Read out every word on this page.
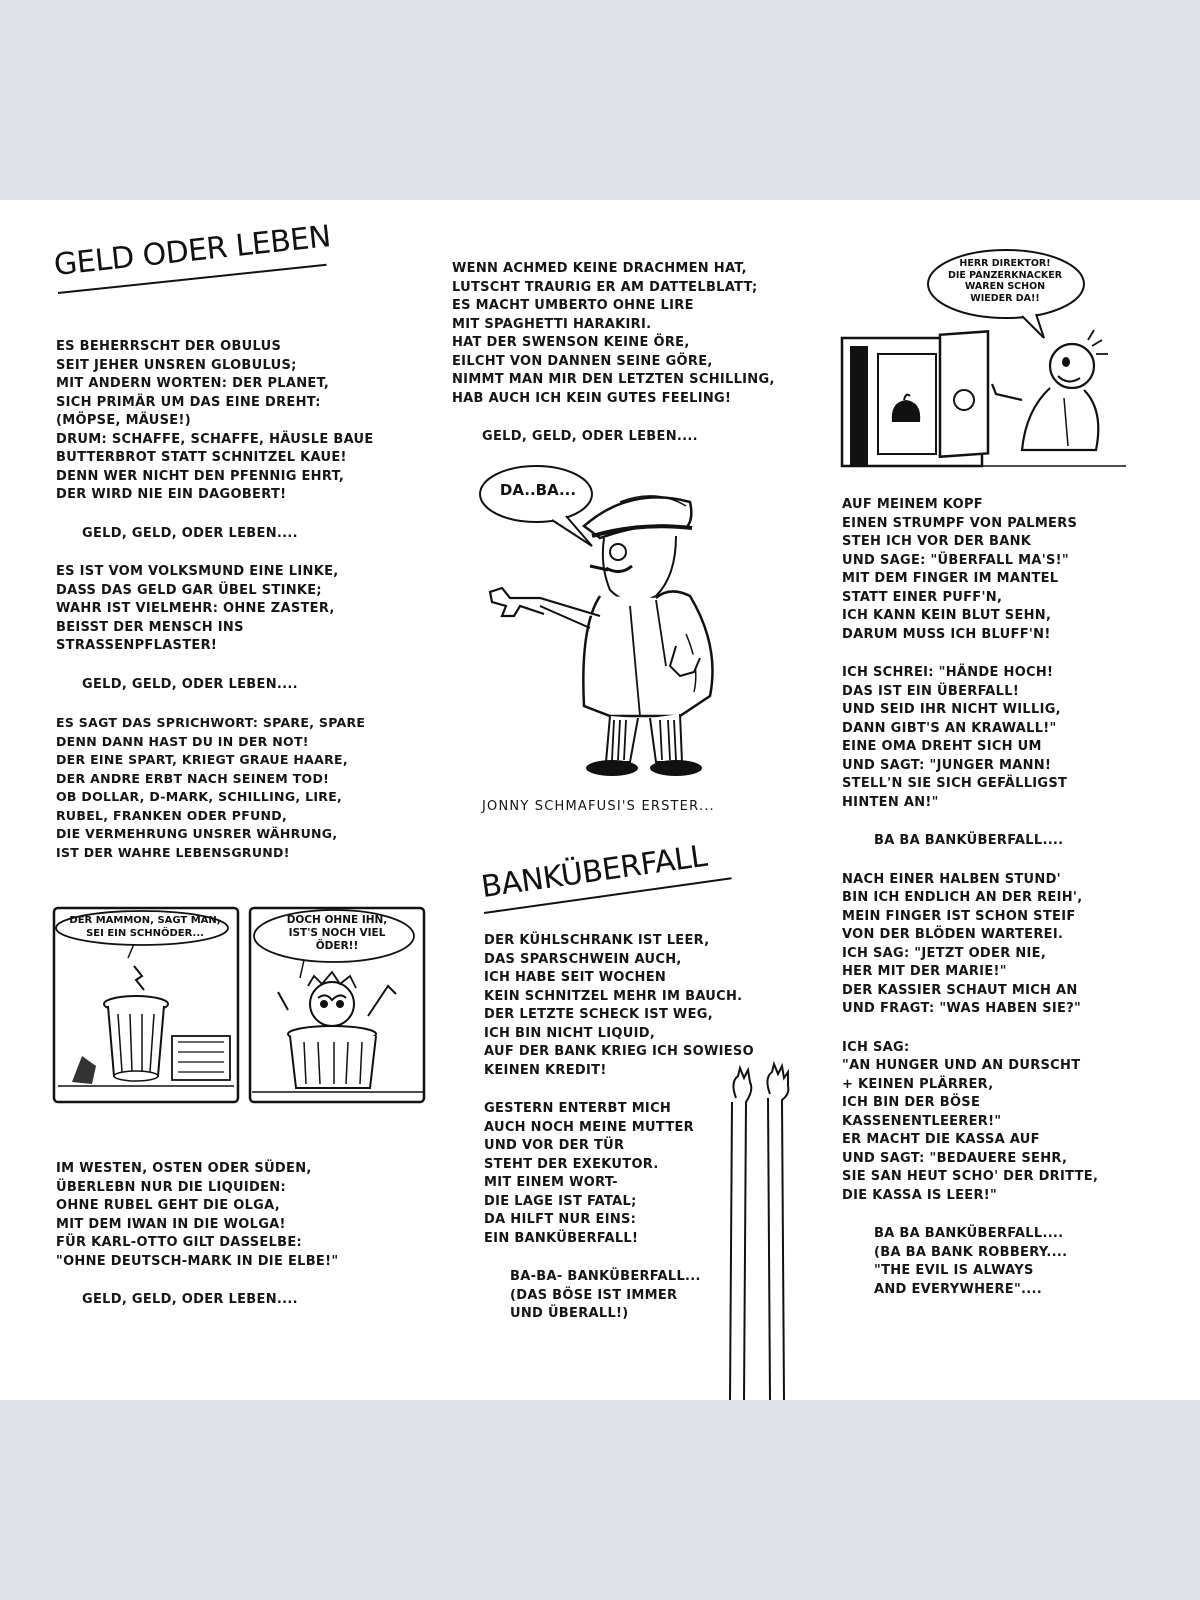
GELD ODER LEBEN

ES BEHERRSCHT DER OBULUS
SEIT JEHER UNSREN GLOBULUS;
MIT ANDERN WORTEN: DER PLANET,
SICH PRIMÄR UM DAS EINE DREHT:
(MÖPSE, MÄUSE!)
DRUM: SCHAFFE, SCHAFFE, HÄUSLE BAUE
BUTTERBROT STATT SCHNITZEL KAUE!
DENN WER NICHT DEN PFENNIG EHRT,
DER WIRD NIE EIN DAGOBERT!

GELD, GELD, ODER LEBEN....

ES IST VOM VOLKSMUND EINE LINKE,
DASS DAS GELD GAR ÜBEL STINKE;
WAHR IST VIELMEHR: OHNE ZASTER,
BEISST DER MENSCH INS STRASSENPFLASTER!

GELD, GELD, ODER LEBEN....

ES SAGT DAS SPRICHWORT: SPARE, SPARE
DENN DANN HAST DU IN DER NOT!
DER EINE SPART, KRIEGT GRAUE HAARE,
DER ANDRE ERBT NACH SEINEM TOD!
OB DOLLAR, D-MARK, SCHILLING, LIRE,
RUBEL, FRANKEN ODER PFUND,
DIE VERMEHRUNG UNSRER WÄHRUNG,
IST DER WAHRE LEBENSGRUND!

DER MAMMON, SAGT MAN,
SEI EIN SCHNÖDER...
DOCH OHNE IHN,
IST'S NOCH VIEL
ÖDER!!

IM WESTEN, OSTEN ODER SÜDEN,
ÜBERLEBN NUR DIE LIQUIDEN:
OHNE RUBEL GEHT DIE OLGA,
MIT DEM IWAN IN DIE WOLGA!
FÜR KARL-OTTO GILT DASSELBE:
"OHNE DEUTSCH-MARK IN DIE ELBE!"

GELD, GELD, ODER LEBEN....

WENN ACHMED KEINE DRACHMEN HAT,
LUTSCHT TRAURIG ER AM DATTELBLATT;
ES MACHT UMBERTO OHNE LIRE
MIT SPAGHETTI HARAKIRI.
HAT DER SWENSON KEINE ÖRE,
EILCHT VON DANNEN SEINE GÖRE,
NIMMT MAN MIR DEN LETZTEN SCHILLING,
HAB AUCH ICH KEIN GUTES FEELING!

GELD, GELD, ODER LEBEN....
DA..BA...
JONNY SCHMAFUSI'S ERSTER...
BANKÜBERFALL

DER KÜHLSCHRANK IST LEER,
DAS SPARSCHWEIN AUCH,
ICH HABE SEIT WOCHEN
KEIN SCHNITZEL MEHR IM BAUCH.
DER LETZTE SCHECK IST WEG,
ICH BIN NICHT LIQUID,
AUF DER BANK KRIEG ICH SOWIESO
KEINEN KREDIT!

GESTERN ENTERBT MICH
AUCH NOCH MEINE MUTTER
UND VOR DER TÜR
STEHT DER EXEKUTOR.
MIT EINEM WORT-
DIE LAGE IST FATAL;
DA HILFT NUR EINS:
EIN BANKÜBERFALL!

BA-BA- BANKÜBERFALL...
(DAS BÖSE IST IMMER
UND ÜBERALL!)
HERR DIREKTOR!
DIE PANZERKNACKER
WAREN SCHON
WIEDER DA!!

AUF MEINEM KOPF
EINEN STRUMPF VON PALMERS
STEH ICH VOR DER BANK
UND SAGE: "ÜBERFALL MA'S!"
MIT DEM FINGER IM MANTEL
STATT EINER PUFF'N,
ICH KANN KEIN BLUT SEHN,
DARUM MUSS ICH BLUFF'N!

ICH SCHREI: "HÄNDE HOCH!
DAS IST EIN ÜBERFALL!
UND SEID IHR NICHT WILLIG,
DANN GIBT'S AN KRAWALL!"
EINE OMA DREHT SICH UM
UND SAGT: "JUNGER MANN!
STELL'N SIE SICH GEFÄLLIGST
HINTEN AN!"

BA BA BANKÜBERFALL....

NACH EINER HALBEN STUND'
BIN ICH ENDLICH AN DER REIH',
MEIN FINGER IST SCHON STEIF
VON DER BLÖDEN WARTEREI.
ICH SAG: "JETZT ODER NIE,
HER MIT DER MARIE!"
DER KASSIER SCHAUT MICH AN
UND FRAGT: "WAS HABEN SIE?"

ICH SAG:
"AN HUNGER UND AN DURSCHT
+ KEINEN PLÄRRER,
ICH BIN DER BÖSE
KASSENENTLEERER!"
ER MACHT DIE KASSA AUF
UND SAGT: "BEDAUERE SEHR,
SIE SAN HEUT SCHO' DER DRITTE,
DIE KASSA IS LEER!"

BA BA BANKÜBERFALL....
(BA BA BANK ROBBERY....
"THE EVIL IS ALWAYS
AND EVERYWHERE"....
